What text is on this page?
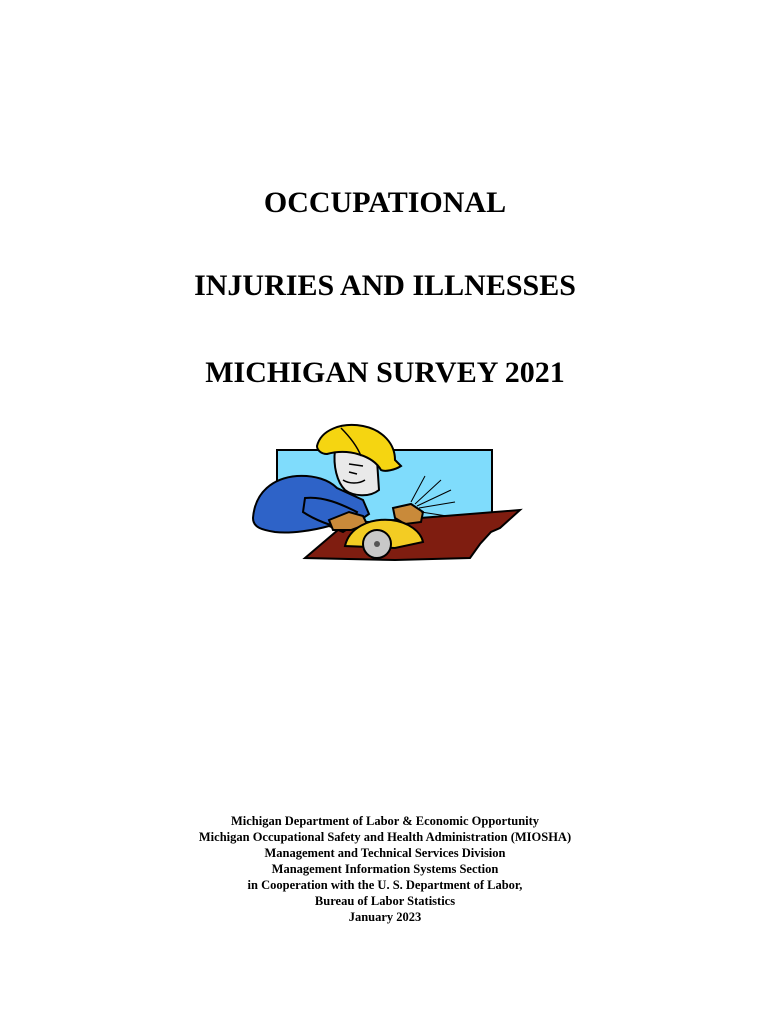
OCCUPATIONAL
INJURIES AND ILLNESSES
MICHIGAN SURVEY 2021
Michigan Department of Labor & Economic Opportunity
Michigan Occupational Safety and Health Administration (MIOSHA)
Management and Technical Services Division
Management Information Systems Section
in Cooperation with the U. S. Department of Labor,
Bureau of Labor Statistics
January 2023
